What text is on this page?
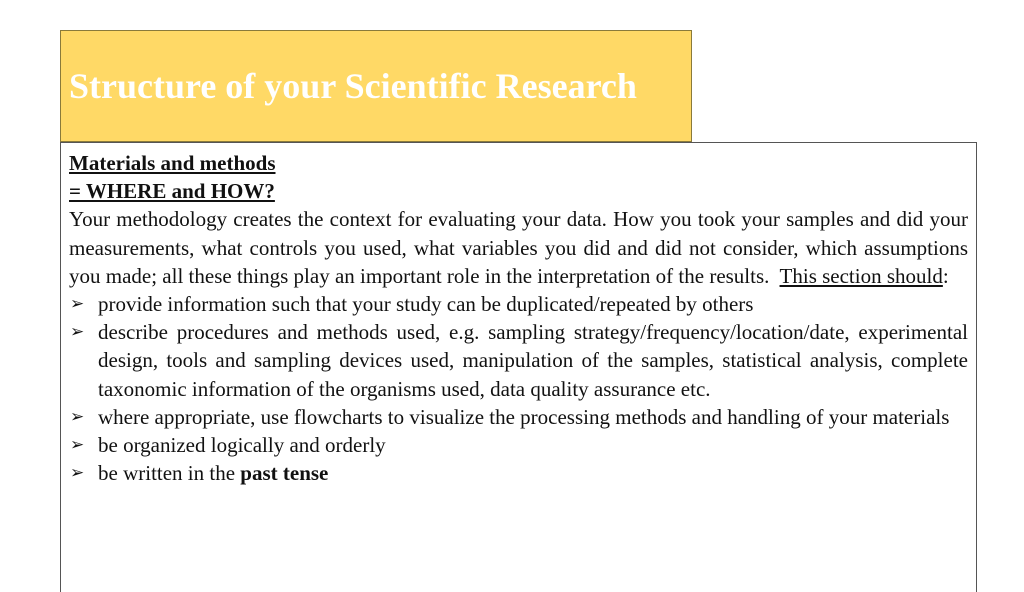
Structure of your Scientific Research
Materials and methods
= WHERE and HOW?
Your methodology creates the context for evaluating your data. How you took your samples and did your measurements, what controls you used, what variables you did and did not consider, which assumptions you made; all these things play an important role in the interpretation of the results. This section should:
➢ provide information such that your study can be duplicated/repeated by others
➢ describe procedures and methods used, e.g. sampling strategy/frequency/location/date, experimental design, tools and sampling devices used, manipulation of the samples, statistical analysis, complete taxonomic information of the organisms used, data quality assurance etc.
➢ where appropriate, use flowcharts to visualize the processing methods and handling of your materials
➢ be organized logically and orderly
➢ be written in the past tense
